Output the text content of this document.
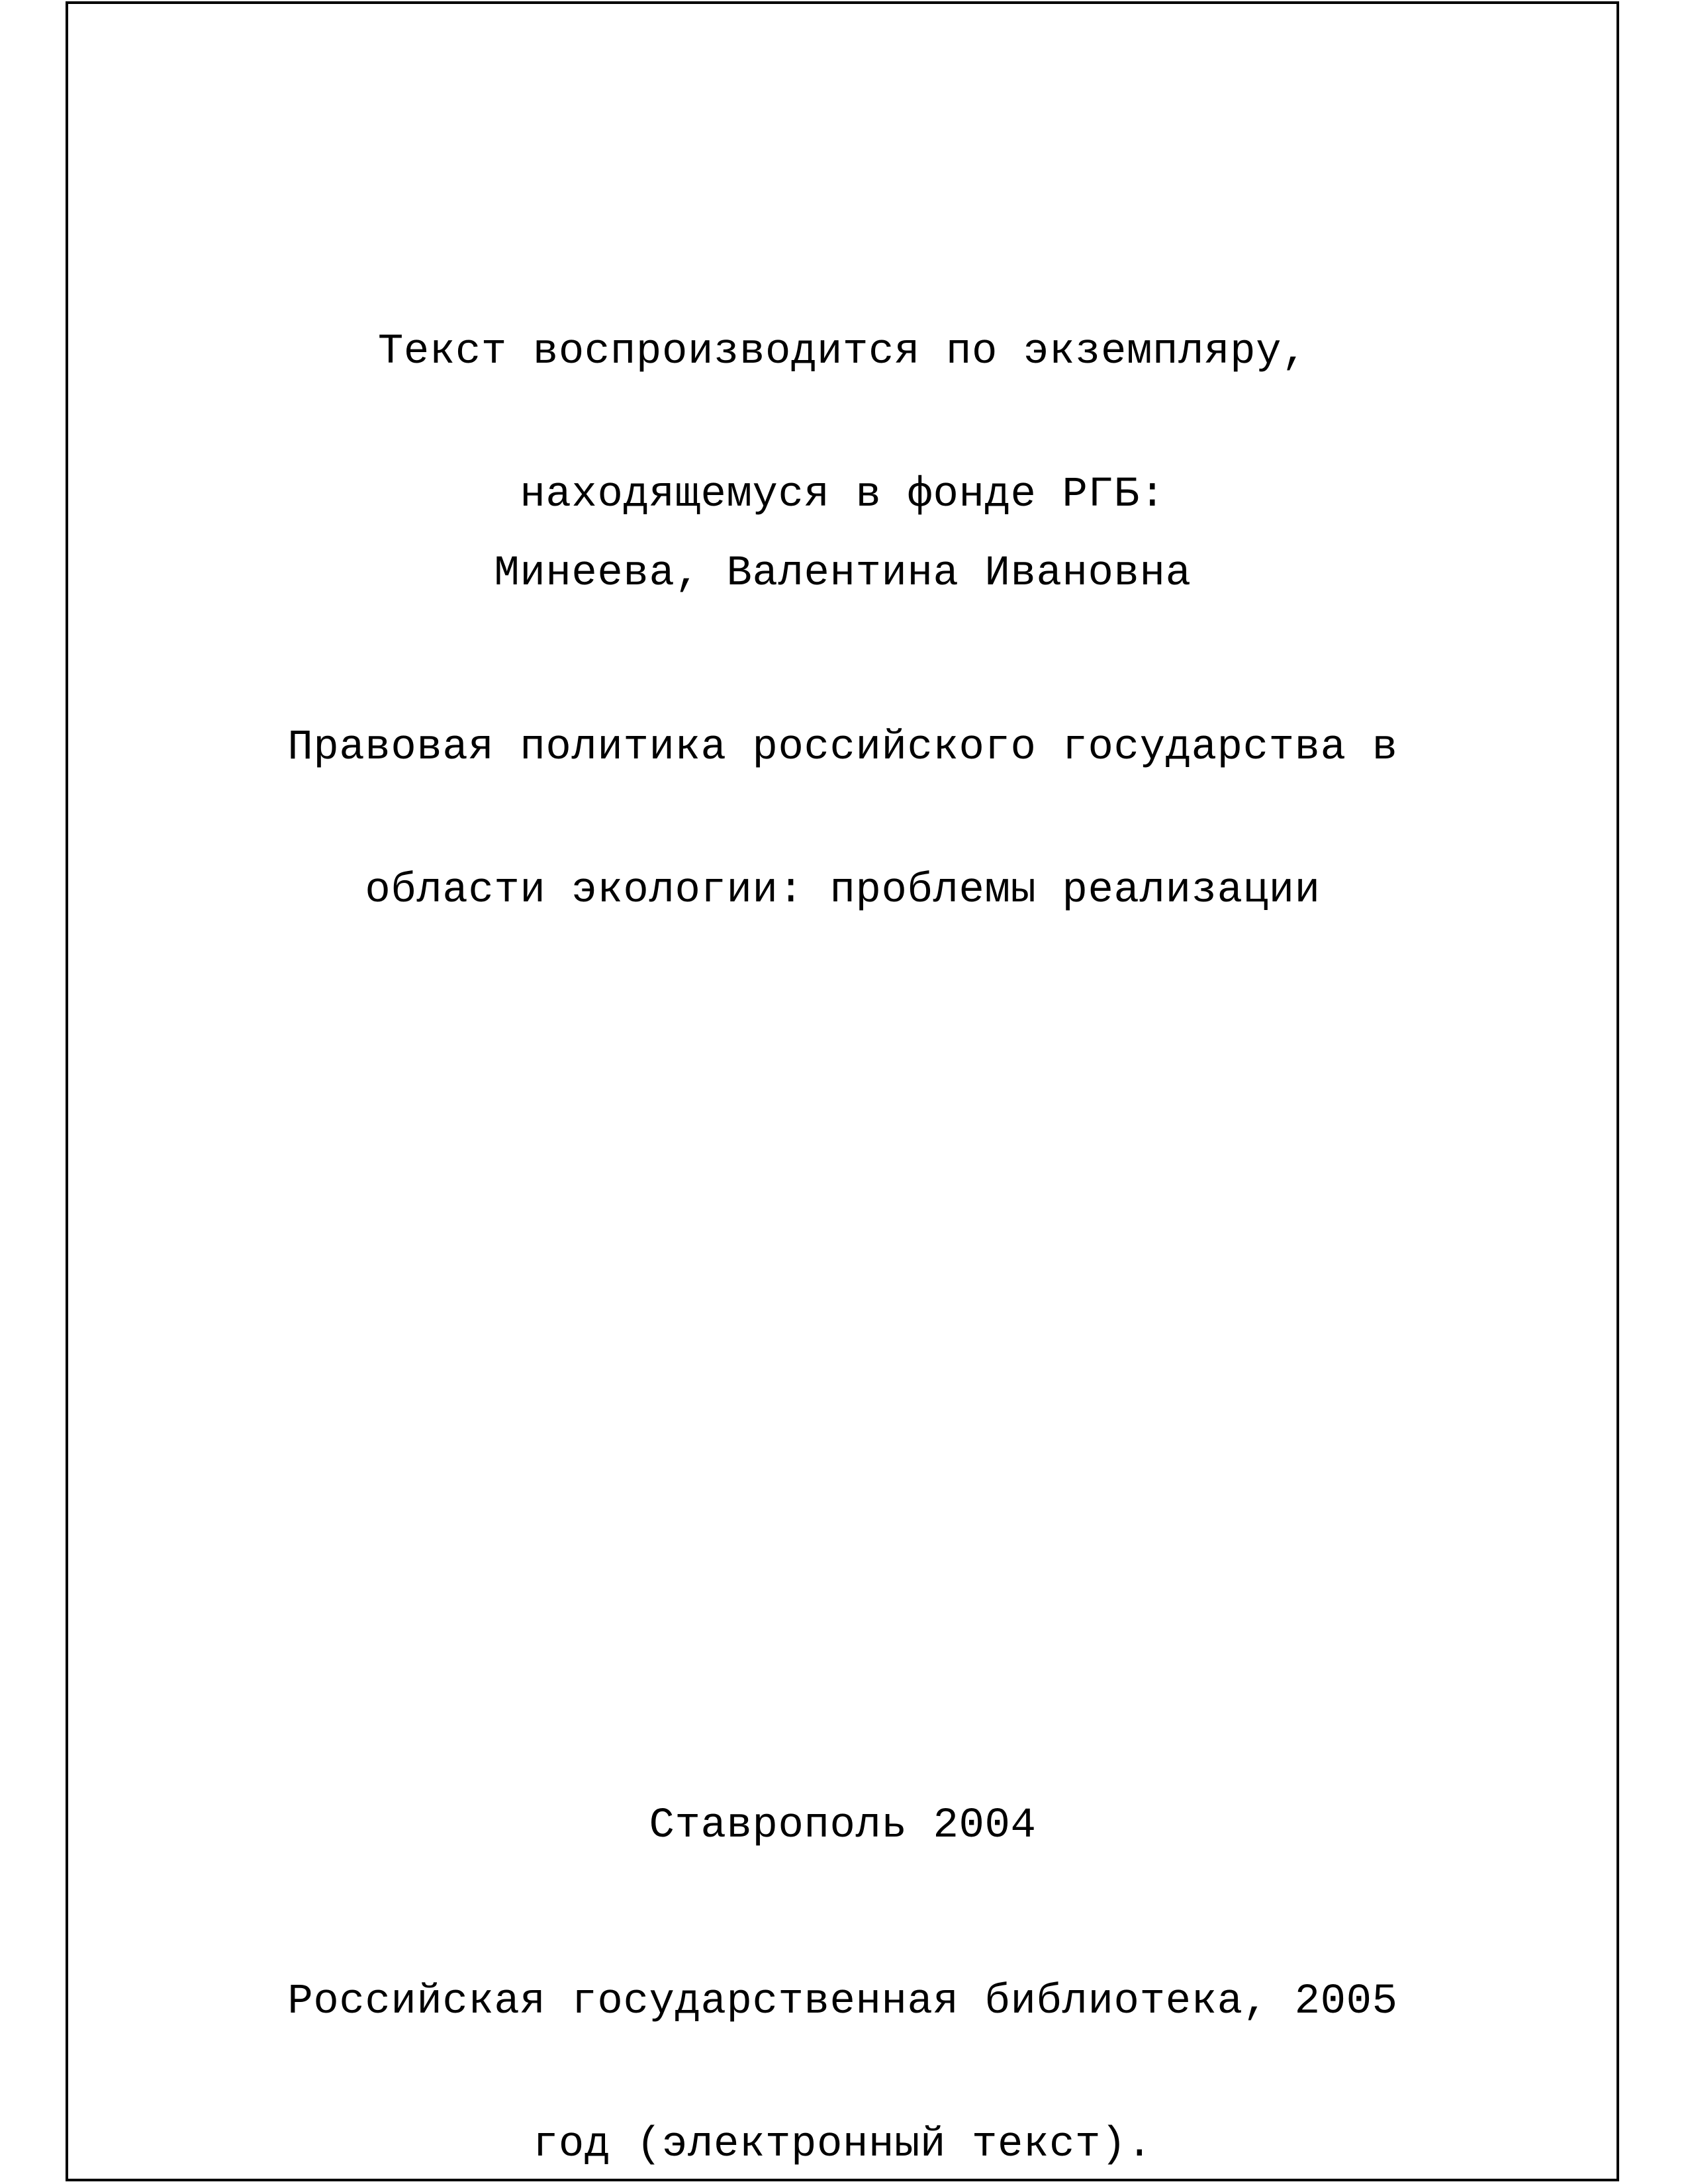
Текст воспроизводится по экземпляру,

находящемуся в фонде РГБ:

Минеева, Валентина Ивановна

Правовая политика российского государства в

области экологии: проблемы реализации

Ставрополь 2004

Российская государственная библиотека, 2005

год (электронный текст).
